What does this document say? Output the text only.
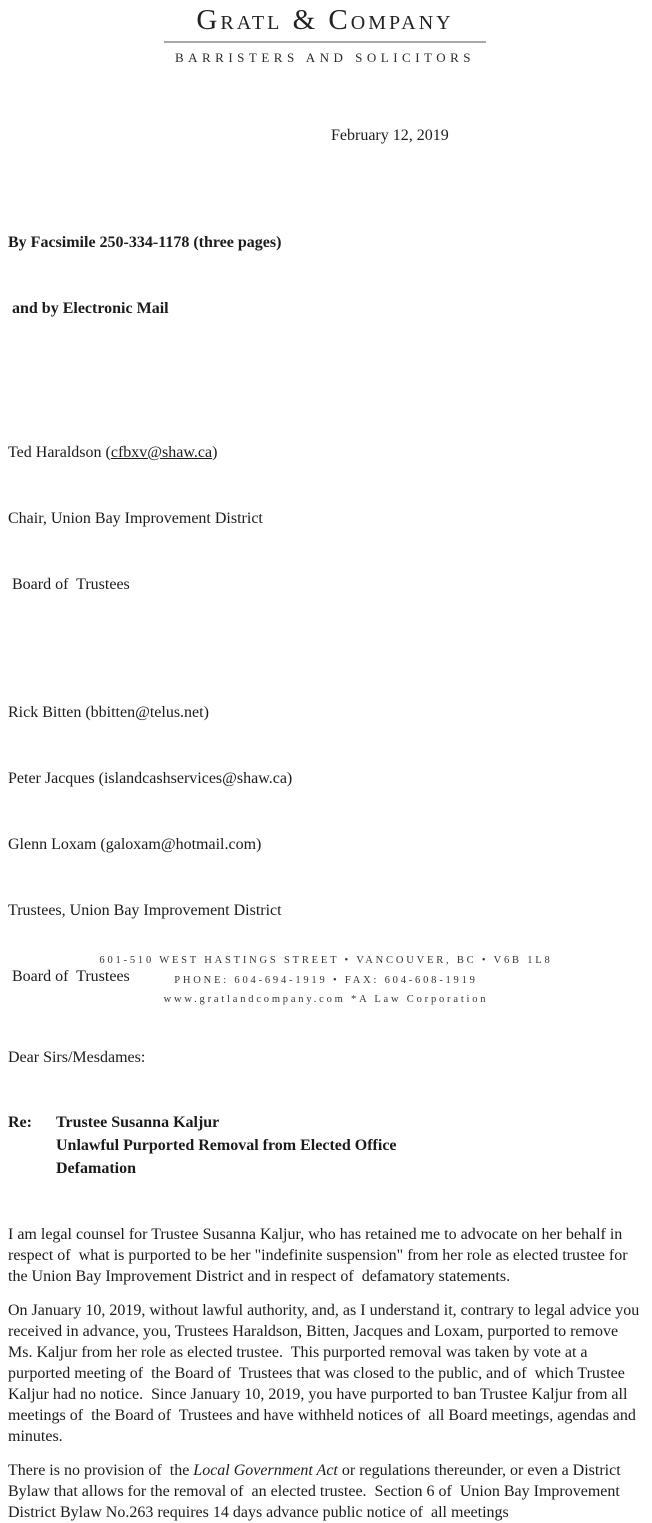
Gratl & Company
BARRISTERS AND SOLICITORS
February 12, 2019

By Facsimile 250-334-1178 (three pages)

and by Electronic Mail

Ted Haraldson (cfbxv@shaw.ca)

Chair, Union Bay Improvement District

Board of  Trustees

Rick Bitten (bbitten@telus.net)

Peter Jacques (islandcashservices@shaw.ca)

Glenn Loxam (galoxam@hotmail.com)

Trustees, Union Bay Improvement District

Board of  Trustees

Dear Sirs/Mesdames:
Re:	Trustee Susanna Kaljur
Unlawful Purported Removal from Elected Office
Defamation

I am legal counsel for Trustee Susanna Kaljur, who has retained me to advocate on her behalf in respect of  what is purported to be her "indefinite suspension" from her role as elected trustee for the Union Bay Improvement District and in respect of  defamatory statements.

On January 10, 2019, without lawful authority, and, as I understand it, contrary to legal advice you received in advance, you, Trustees Haraldson, Bitten, Jacques and Loxam, purported to remove Ms. Kaljur from her role as elected trustee.  This purported removal was taken by vote at a purported meeting of  the Board of  Trustees that was closed to the public, and of  which Trustee Kaljur had no notice.  Since January 10, 2019, you have purported to ban Trustee Kaljur from all meetings of  the Board of  Trustees and have withheld notices of  all Board meetings, agendas and minutes.

There is no provision of  the Local Government Act or regulations thereunder, or even a District Bylaw that allows for the removal of  an elected trustee.  Section 6 of  Union Bay Improvement District Bylaw No.263 requires 14 days advance public notice of  all meetings

601-510 WEST HASTINGS STREET • VANCOUVER, BC • V6B 1L8
PHONE: 604-694-1919 • FAX: 604-608-1919
www.gratlandcompany.com *A Law Corporation
